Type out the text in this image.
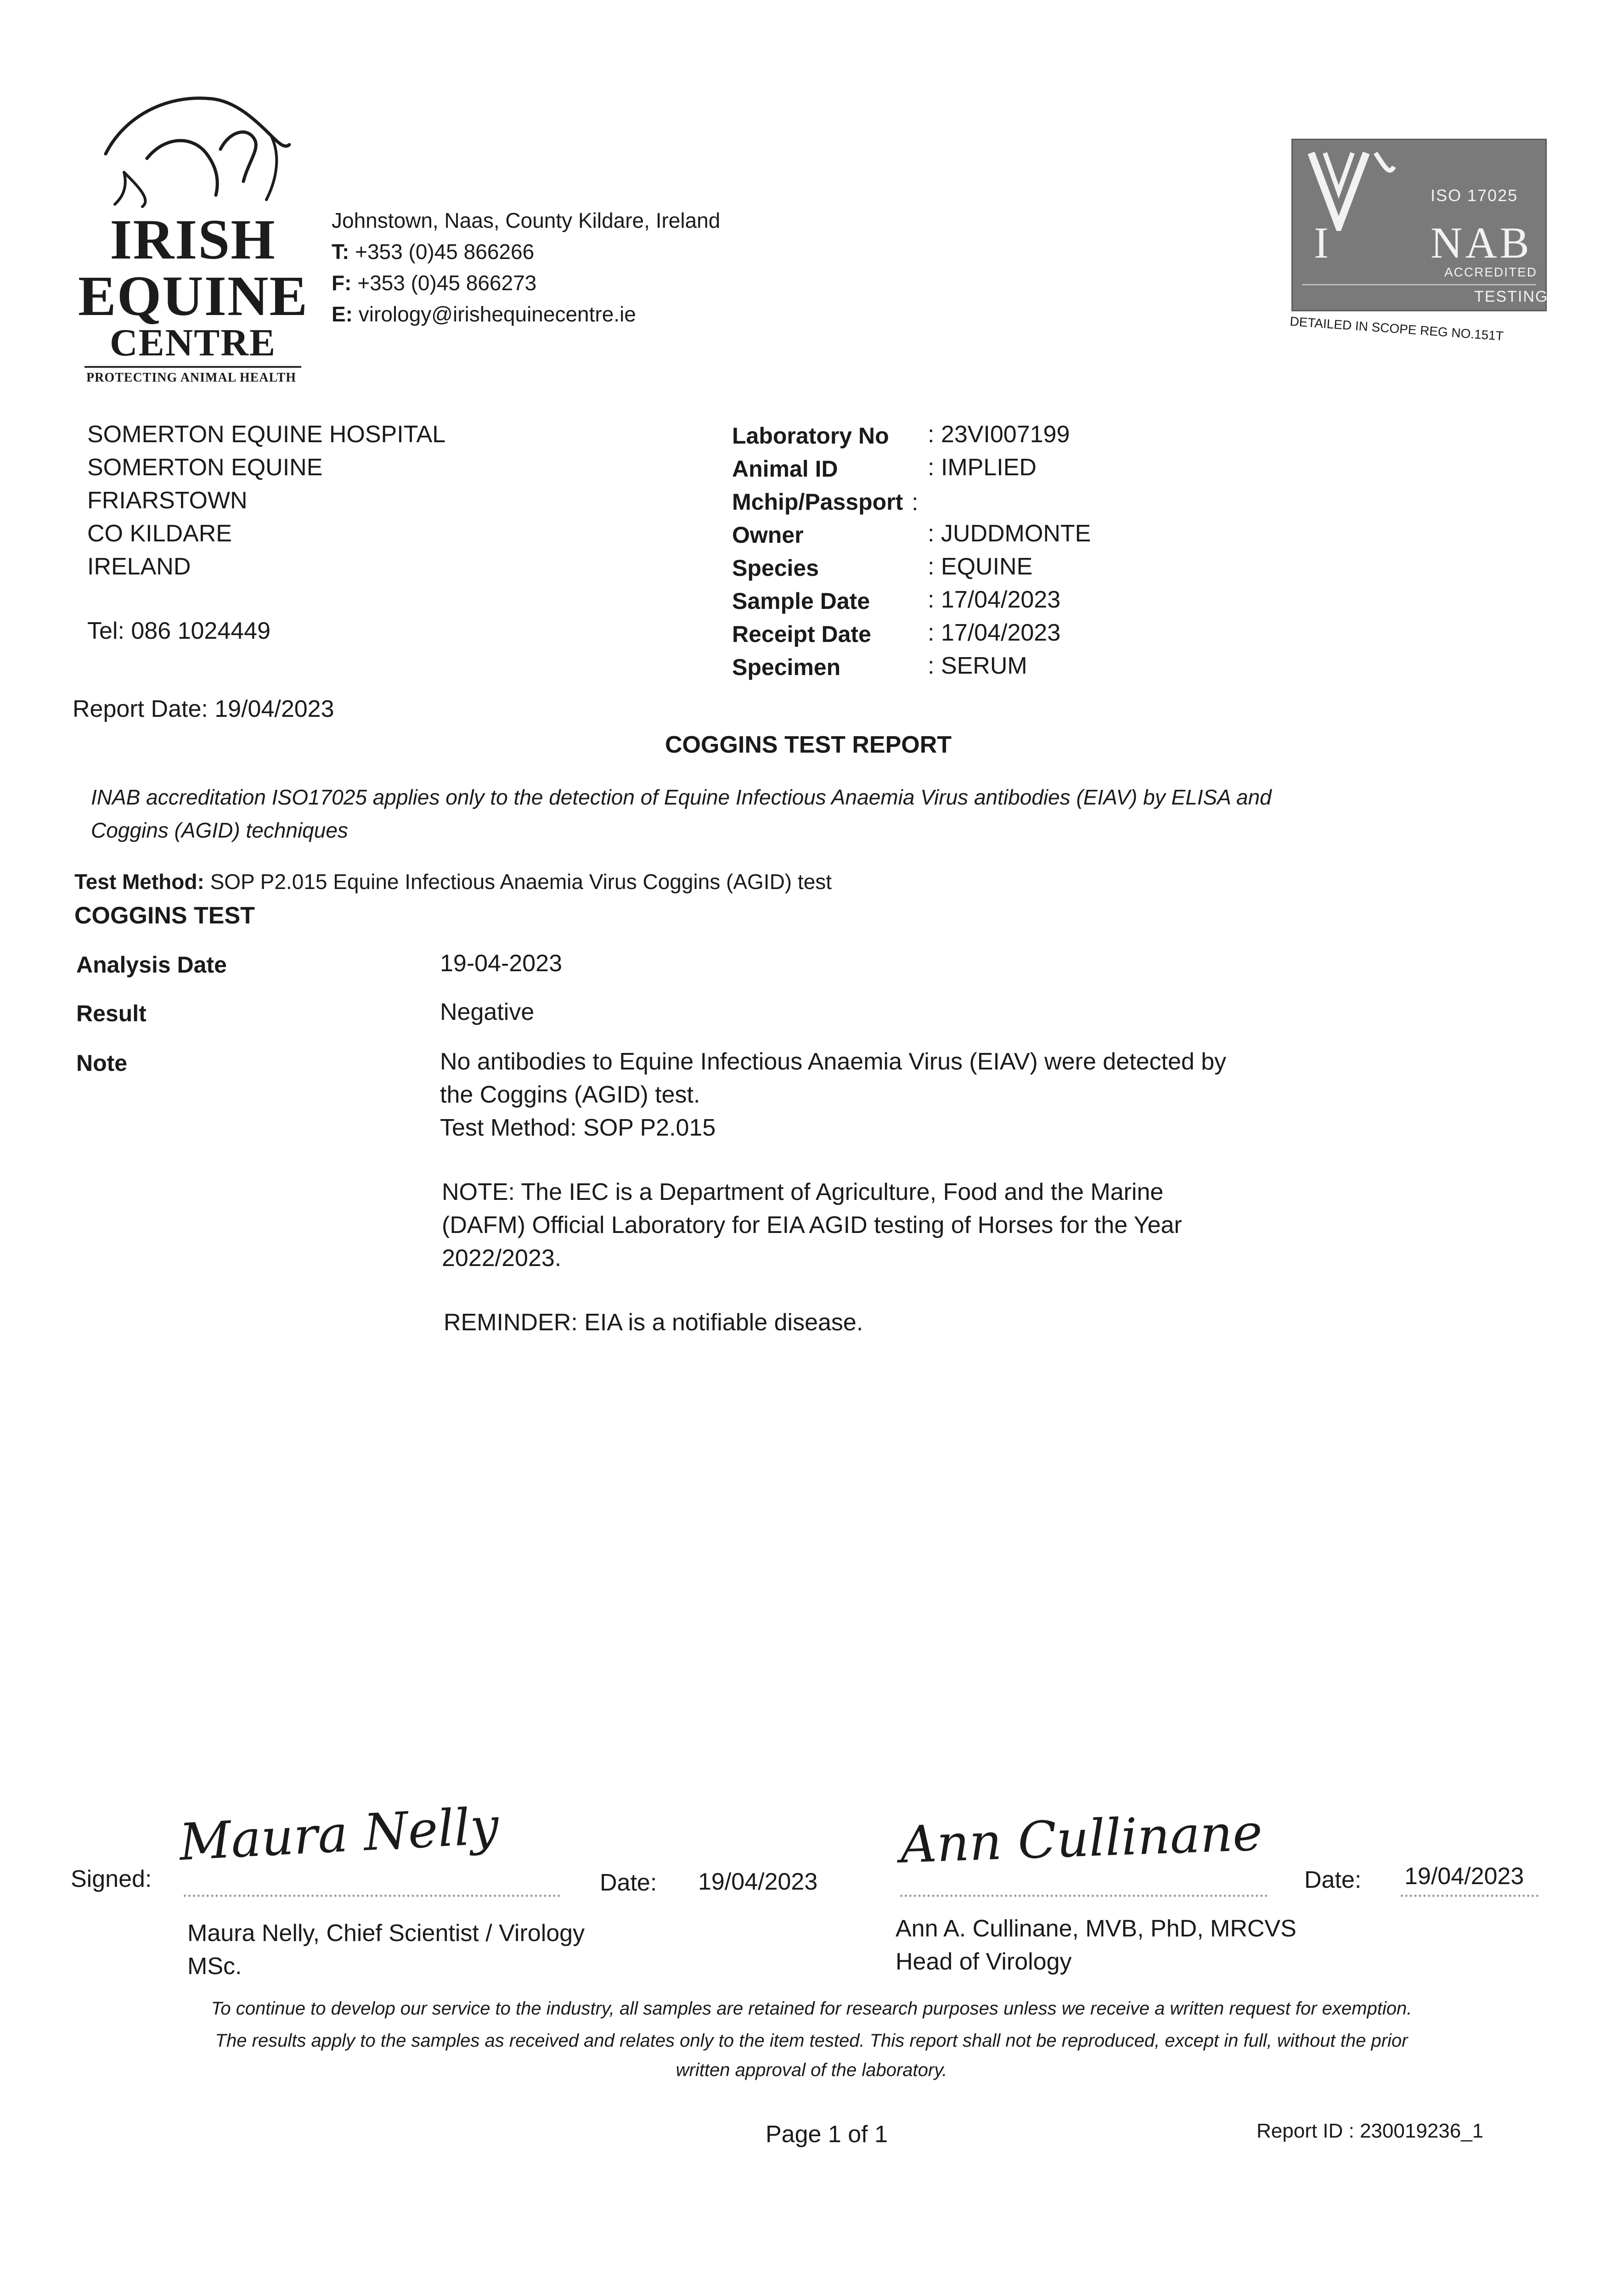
IRISH
EQUINE
CENTRE
PROTECTING ANIMAL HEALTH
Johnstown, Naas, County Kildare, Ireland
T: +353 (0)45 866266
F: +353 (0)45 866273
E: virology@irishequinecentre.ie
ISO 17025
I NAB
ACCREDITED
TESTING
DETAILED IN SCOPE REG NO.151T
SOMERTON EQUINE HOSPITAL
SOMERTON EQUINE
FRIARSTOWN
CO KILDARE
IRELAND
Tel: 086 1024449
Laboratory No : 23VI007199
Animal ID	: IMPLIED
Mchip/Passport :
Owner	: JUDDMONTE
Species	: EQUINE
Sample Date : 17/04/2023
Receipt Date : 17/04/2023
Specimen	: SERUM
Report Date: 19/04/2023
COGGINS TEST REPORT
INAB accreditation ISO17025 applies only to the detection of Equine Infectious Anaemia Virus antibodies (EIAV) by ELISA and
Coggins (AGID) techniques
Test Method: SOP P2.015 Equine Infectious Anaemia Virus Coggins (AGID) test
COGGINS TEST
Analysis Date	19-04-2023
Result	Negative
Note	No antibodies to Equine Infectious Anaemia Virus (EIAV) were detected by
the Coggins (AGID) test.
Test Method: SOP P2.015
NOTE: The IEC is a Department of Agriculture, Food and the Marine
(DAFM) Official Laboratory for EIA AGID testing of Horses for the Year
2022/2023.
REMINDER: EIA is a notifiable disease.
Signed:
Maura Nelly
Date: 19/04/2023
Maura Nelly, Chief Scientist / Virology
MSc.
Ann Cullinane
Date: 19/04/2023
Ann A. Cullinane, MVB, PhD, MRCVS
Head of Virology
To continue to develop our service to the industry, all samples are retained for research purposes unless we receive a written request for exemption.
The results apply to the samples as received and relates only to the item tested. This report shall not be reproduced, except in full, without the prior
written approval of the laboratory.
Page 1 of 1	Report ID : 230019236_1
